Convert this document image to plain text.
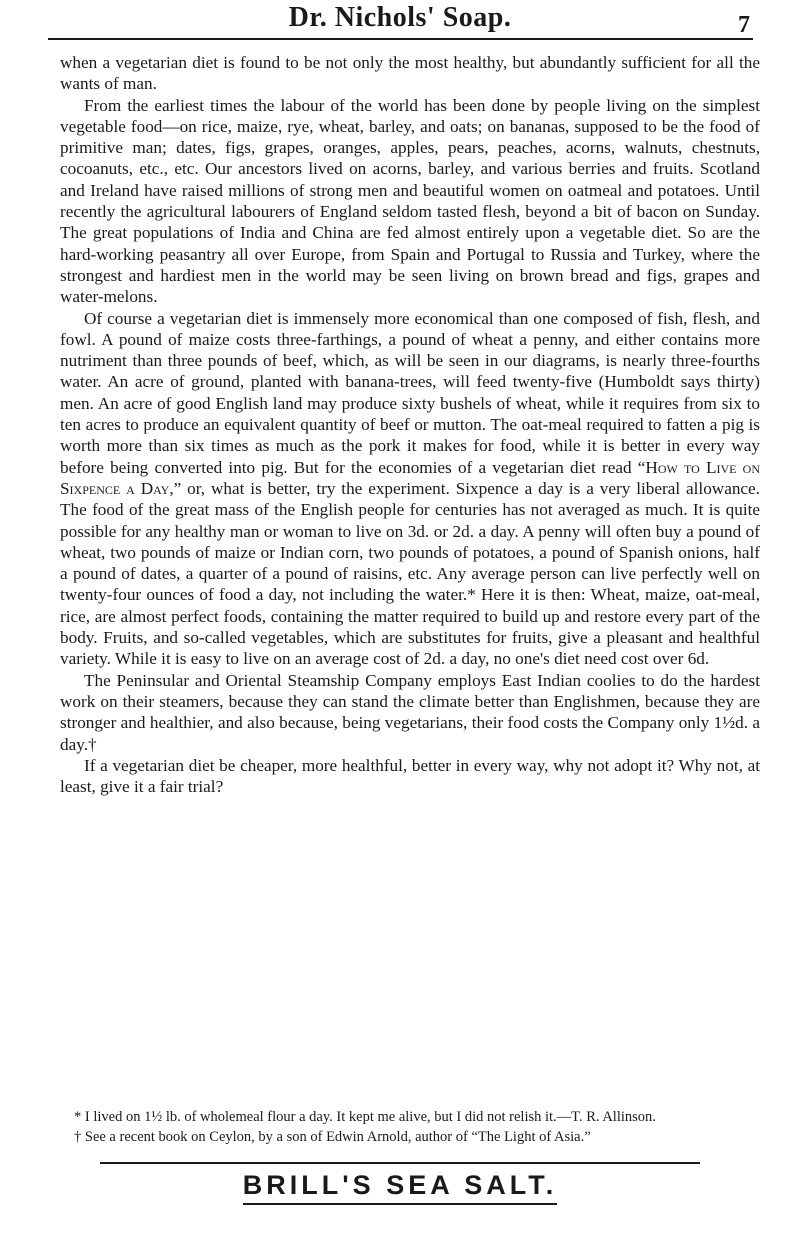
Dr. Nichols' Soap.	7

when a vegetarian diet is found to be not only the most healthy, but abundantly sufficient for all the wants of man.

From the earliest times the labour of the world has been done by people living on the simplest vegetable food—on rice, maize, rye, wheat, barley, and oats; on bananas, supposed to be the food of primitive man; dates, figs, grapes, oranges, apples, pears, peaches, acorns, walnuts, chestnuts, cocoanuts, etc., etc. Our ancestors lived on acorns, barley, and various berries and fruits. Scotland and Ireland have raised millions of strong men and beautiful women on oatmeal and potatoes. Until recently the agricultural labourers of England seldom tasted flesh, beyond a bit of bacon on Sunday. The great populations of India and China are fed almost entirely upon a vegetable diet. So are the hard-working peasantry all over Europe, from Spain and Portugal to Russia and Turkey, where the strongest and hardiest men in the world may be seen living on brown bread and figs, grapes and water-melons.

Of course a vegetarian diet is immensely more economical than one composed of fish, flesh, and fowl. A pound of maize costs three-farthings, a pound of wheat a penny, and either contains more nutriment than three pounds of beef, which, as will be seen in our diagrams, is nearly three-fourths water. An acre of ground, planted with banana-trees, will feed twenty-five (Humboldt says thirty) men. An acre of good English land may produce sixty bushels of wheat, while it requires from six to ten acres to produce an equivalent quantity of beef or mutton. The oat-meal required to fatten a pig is worth more than six times as much as the pork it makes for food, while it is better in every way before being converted into pig. But for the economies of a vegetarian diet read “How to Live on Sixpence a Day,” or, what is better, try the experiment. Sixpence a day is a very liberal allowance. The food of the great mass of the English people for centuries has not averaged as much. It is quite possible for any healthy man or woman to live on 3d. or 2d. a day. A penny will often buy a pound of wheat, two pounds of maize or Indian corn, two pounds of potatoes, a pound of Spanish onions, half a pound of dates, a quarter of a pound of raisins, etc. Any average person can live perfectly well on twenty-four ounces of food a day, not including the water.* Here it is then: Wheat, maize, oat-meal, rice, are almost perfect foods, containing the matter required to build up and restore every part of the body. Fruits, and so-called vegetables, which are substitutes for fruits, give a pleasant and healthful variety. While it is easy to live on an average cost of 2d. a day, no one's diet need cost over 6d.

The Peninsular and Oriental Steamship Company employs East Indian coolies to do the hardest work on their steamers, because they can stand the climate better than Englishmen, because they are stronger and healthier, and also because, being vegetarians, their food costs the Company only 1½d. a day.†

If a vegetarian diet be cheaper, more healthful, better in every way, why not adopt it? Why not, at least, give it a fair trial?

* I lived on 1½ lb. of wholemeal flour a day. It kept me alive, but I did not relish it.—T. R. Allinson.

† See a recent book on Ceylon, by a son of Edwin Arnold, author of “The Light of Asia.”

BRILL'S SEA SALT.
